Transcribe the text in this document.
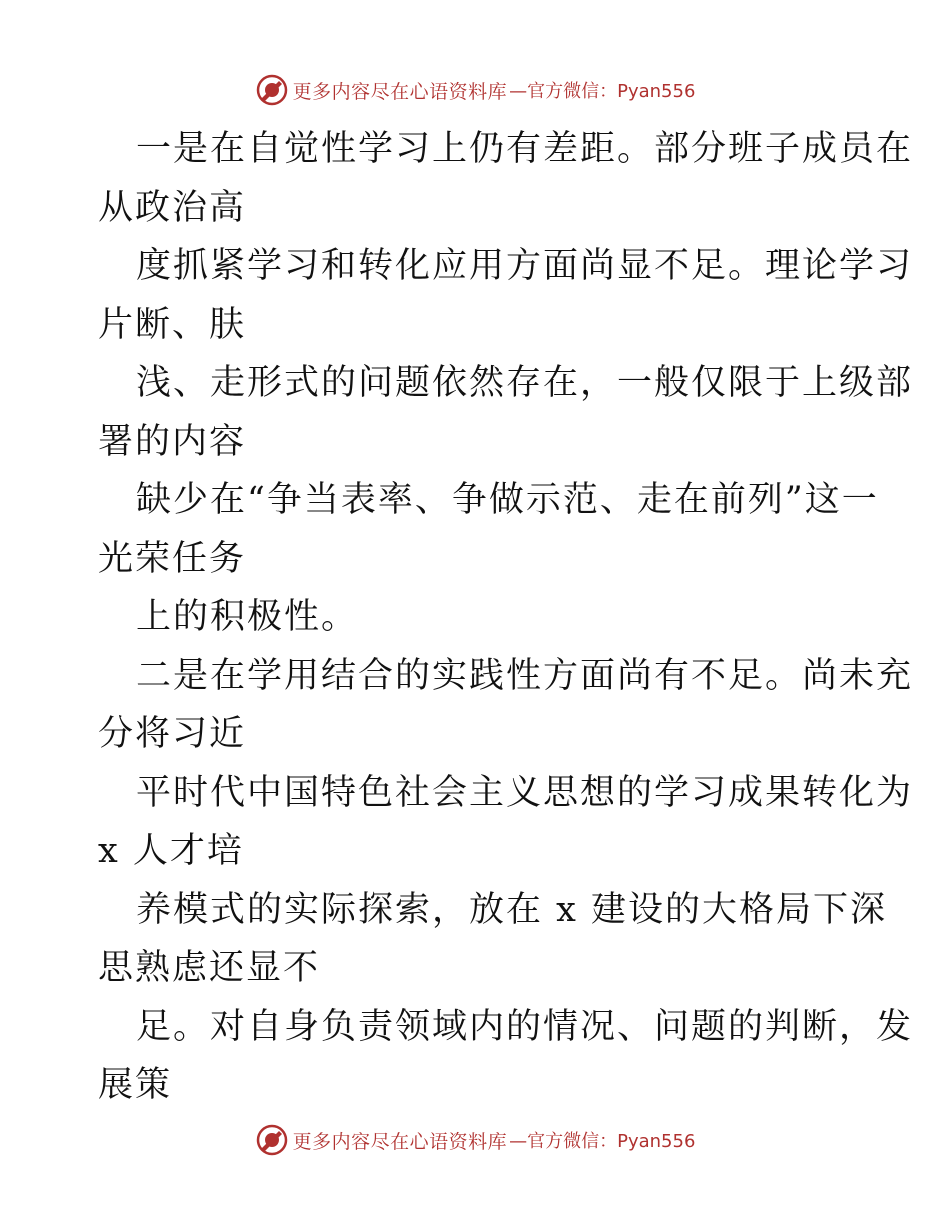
更多内容尽在心语资料库 —官方微信：Pyan556
一是在自觉性学习上仍有差距。部分班子成员在
从政治高
度抓紧学习和转化应用方面尚显不足。理论学习
片断、肤
浅、走形式的问题依然存在，一般仅限于上级部
署的内容
缺少在“争当表率、争做示范、走在前列”这一
光荣任务
上的积极性。
二是在学用结合的实践性方面尚有不足。尚未充
分将习近
平时代中国特色社会主义思想的学习成果转化为
x 人才培
养模式的实际探索，放在 x 建设的大格局下深
思熟虑还显不
足。对自身负责领域内的情况、问题的判断，发
展策
更多内容尽在心语资料库 —官方微信：Pyan556
